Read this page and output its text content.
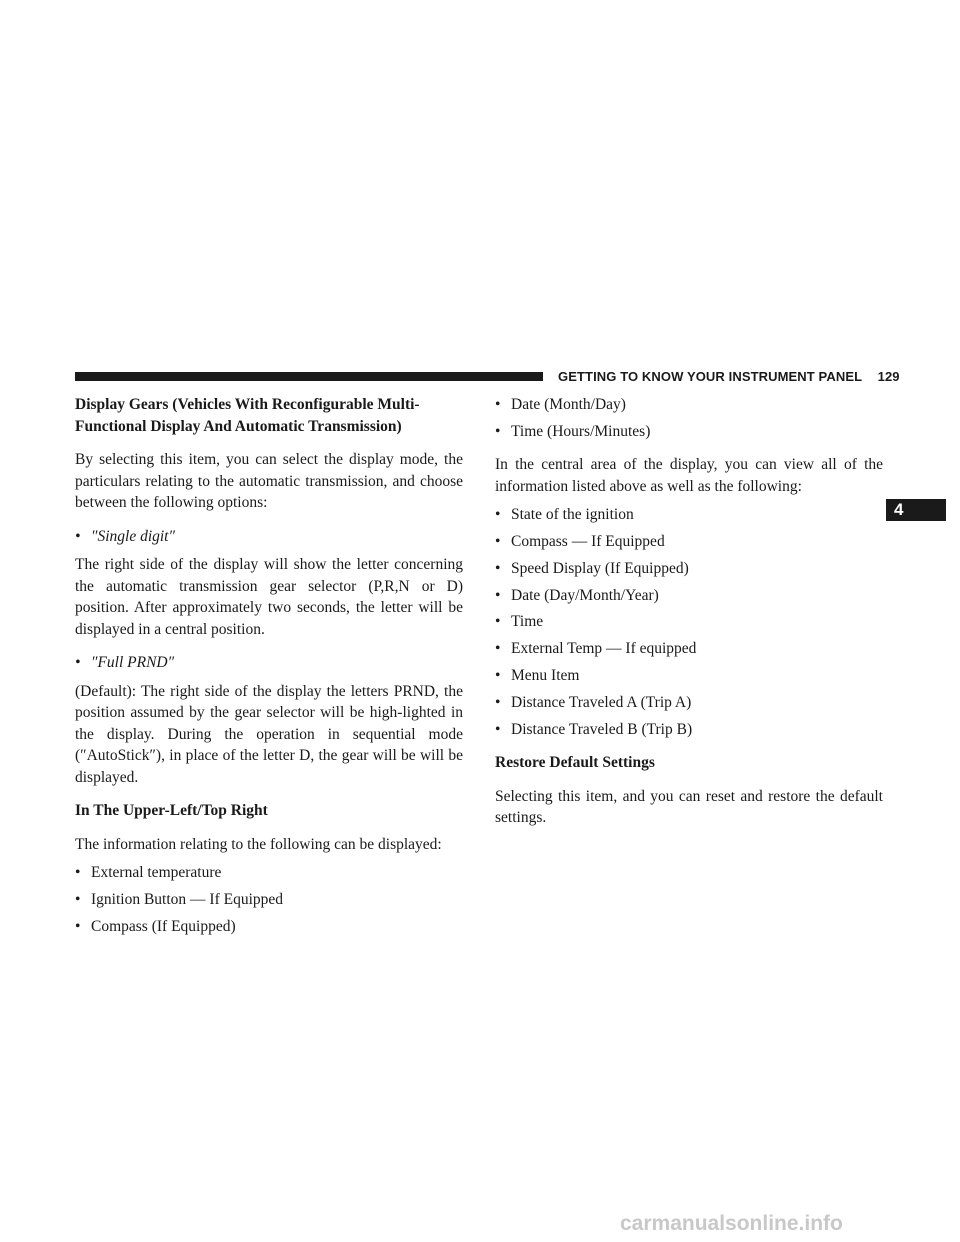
GETTING TO KNOW YOUR INSTRUMENT PANEL 129
4

Display Gears (Vehicles With Reconfigurable Multi-Functional Display And Automatic Transmission)

By selecting this item, you can select the display mode, the particulars relating to the automatic transmission, and choose between the following options:

• ″Single digit″

The right side of the display will show the letter concerning the automatic transmission gear selector (P,R,N or D) position. After approximately two seconds, the letter will be displayed in a central position.

• ″Full PRND″

(Default): The right side of the display the letters PRND, the position assumed by the gear selector will be high-lighted in the display. During the operation in sequential mode (″AutoStick″), in place of the letter D, the gear will be will be displayed.

In The Upper-Left/Top Right

The information relating to the following can be displayed:

• External temperature
• Ignition Button — If Equipped
• Compass (If Equipped)
• Date (Month/Day)
• Time (Hours/Minutes)

In the central area of the display, you can view all of the information listed above as well as the following:

• State of the ignition
• Compass — If Equipped
• Speed Display (If Equipped)
• Date (Day/Month/Year)
• Time
• External Temp — If equipped
• Menu Item
• Distance Traveled A (Trip A)
• Distance Traveled B (Trip B)

Restore Default Settings

Selecting this item, and you can reset and restore the default settings.

carmanualsonline.info
